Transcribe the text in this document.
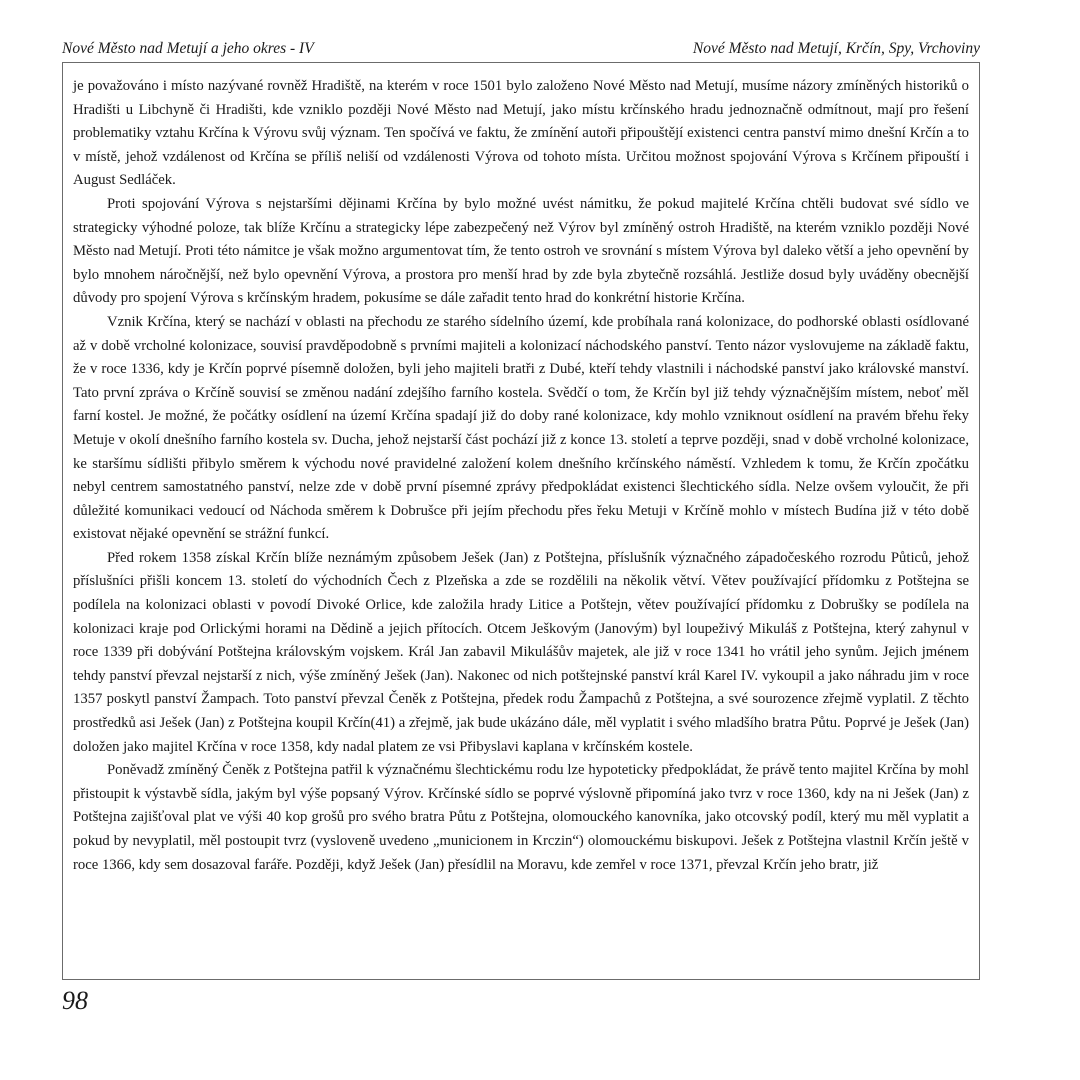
Nové Město nad Metují a jeho okres - IV	Nové Město nad Metují, Krčín, Spy, Vrchoviny

je považováno i místo nazývané rovněž Hradiště, na kterém v roce 1501 bylo založeno Nové Město nad Metují, musíme názory zmíněných historiků o Hradišti u Libchyně či Hradišti, kde vzniklo později Nové Město nad Metují, jako místu krčínského hradu jednoznačně odmítnout, mají pro řešení problematiky vztahu Krčína k Výrovu svůj význam. Ten spočívá ve faktu, že zmínění autoři připouštějí existenci centra panství mimo dnešní Krčín a to v místě, jehož vzdálenost od Krčína se příliš neliší od vzdálenosti Výrova od tohoto místa. Určitou možnost spojování Výrova s Krčínem připouští i August Sedláček.

Proti spojování Výrova s nejstaršími dějinami Krčína by bylo možné uvést námitku, že pokud majitelé Krčína chtěli budovat své sídlo ve strategicky výhodné poloze, tak blíže Krčínu a strategicky lépe zabezpečený než Výrov byl zmíněný ostroh Hradiště, na kterém vzniklo později Nové Město nad Metují. Proti této námitce je však možno argumentovat tím, že tento ostroh ve srovnání s místem Výrova byl daleko větší a jeho opevnění by bylo mnohem náročnější, než bylo opevnění Výrova, a prostora pro menší hrad by zde byla zbytečně rozsáhlá. Jestliže dosud byly uváděny obecnější důvody pro spojení Výrova s krčínským hradem, pokusíme se dále zařadit tento hrad do konkrétní historie Krčína.

Vznik Krčína, který se nachází v oblasti na přechodu ze starého sídelního území, kde probíhala raná kolonizace, do podhorské oblasti osídlované až v době vrcholné kolonizace, souvisí pravděpodobně s prvními majiteli a kolonizací náchodského panství. Tento názor vyslovujeme na základě faktu, že v roce 1336, kdy je Krčín poprvé písemně doložen, byli jeho majiteli bratři z Dubé, kteří tehdy vlastnili i náchodské panství jako královské manství. Tato první zpráva o Krčíně souvisí se změnou nadání zdejšího farního kostela. Svědčí o tom, že Krčín byl již tehdy význačnějším místem, neboť měl farní kostel. Je možné, že počátky osídlení na území Krčína spadají již do doby rané kolonizace, kdy mohlo vzniknout osídlení na pravém břehu řeky Metuje v okolí dnešního farního kostela sv. Ducha, jehož nejstarší část pochází již z konce 13. století a teprve později, snad v době vrcholné kolonizace, ke staršímu sídlišti přibylo směrem k východu nové pravidelné založení kolem dnešního krčínského náměstí. Vzhledem k tomu, že Krčín zpočátku nebyl centrem samostatného panství, nelze zde v době první písemné zprávy předpokládat existenci šlechtického sídla. Nelze ovšem vyloučit, že při důležité komunikaci vedoucí od Náchoda směrem k Dobrušce při jejím přechodu přes řeku Metuji v Krčíně mohlo v místech Budína již v této době existovat nějaké opevnění se strážní funkcí.

Před rokem 1358 získal Krčín blíže neznámým způsobem Ješek (Jan) z Potštejna, příslušník význačného západočeského rozrodu Půticů, jehož příslušníci přišli koncem 13. století do východních Čech z Plzeňska a zde se rozdělili na několik větví. Větev používající přídomku z Potštejna se podílela na kolonizaci oblasti v povodí Divoké Orlice, kde založila hrady Litice a Potštejn, větev používající přídomku z Dobrušky se podílela na kolonizaci kraje pod Orlickými horami na Dědině a jejich přítocích. Otcem Ješkovým (Janovým) byl loupeživý Mikuláš z Potštejna, který zahynul v roce 1339 při dobývání Potštejna královským vojskem. Král Jan zabavil Mikulášův majetek, ale již v roce 1341 ho vrátil jeho synům. Jejich jménem tehdy panství převzal nejstarší z nich, výše zmíněný Ješek (Jan). Nakonec od nich potštejnské panství král Karel IV. vykoupil a jako náhradu jim v roce 1357 poskytl panství Žampach. Toto panství převzal Čeněk z Potštejna, předek rodu Žampachů z Potštejna, a své sourozence zřejmě vyplatil. Z těchto prostředků asi Ješek (Jan) z Potštejna koupil Krčín(41) a zřejmě, jak bude ukázáno dále, měl vyplatit i svého mladšího bratra Půtu. Poprvé je Ješek (Jan) doložen jako majitel Krčína v roce 1358, kdy nadal platem ze vsi Přibyslavi kaplana v krčínském kostele.

Poněvadž zmíněný Čeněk z Potštejna patřil k význačnému šlechtickému rodu lze hypoteticky předpokládat, že právě tento majitel Krčína by mohl přistoupit k výstavbě sídla, jakým byl výše popsaný Výrov. Krčínské sídlo se poprvé výslovně připomíná jako tvrz v roce 1360, kdy na ni Ješek (Jan) z Potštejna zajišťoval plat ve výši 40 kop grošů pro svého bratra Půtu z Potštejna, olomouckého kanovníka, jako otcovský podíl, který mu měl vyplatit a pokud by nevyplatil, měl postoupit tvrz (vysloveně uvedeno „municionem in Krczin“) olomouckému biskupovi. Ješek z Potštejna vlastnil Krčín ještě v roce 1366, kdy sem dosazoval faráře. Později, když Ješek (Jan) přesídlil na Moravu, kde zemřel v roce 1371, převzal Krčín jeho bratr, již

98
